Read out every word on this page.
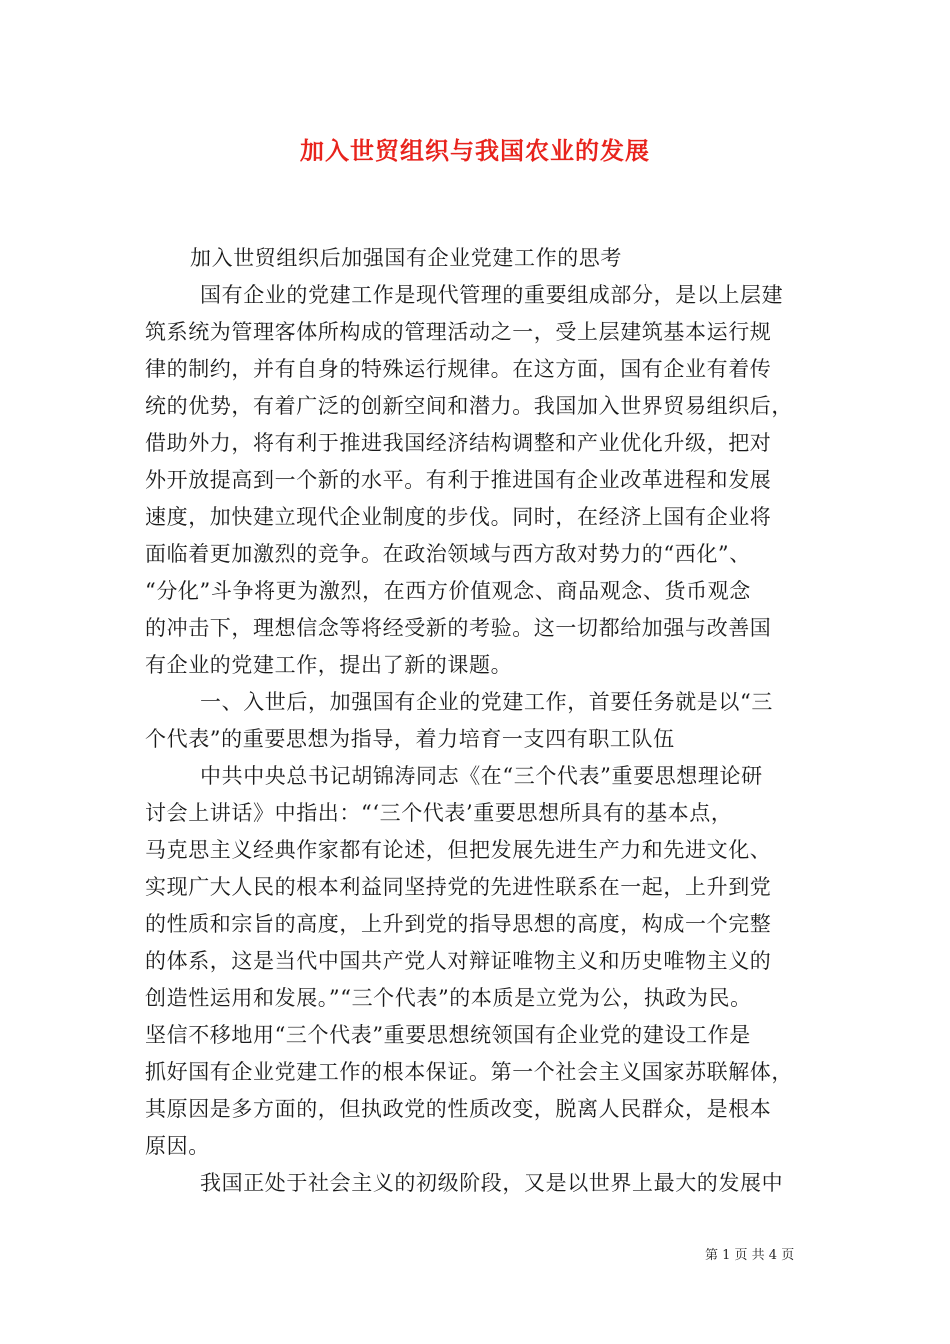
加入世贸组织与我国农业的发展
加入世贸组织后加强国有企业党建工作的思考
国有企业的党建工作是现代管理的重要组成部分，是以上层建
筑系统为管理客体所构成的管理活动之一，受上层建筑基本运行规
律的制约，并有自身的特殊运行规律。在这方面，国有企业有着传
统的优势，有着广泛的创新空间和潜力。我国加入世界贸易组织后，
借助外力，将有利于推进我国经济结构调整和产业优化升级，把对
外开放提高到一个新的水平。有利于推进国有企业改革进程和发展
速度，加快建立现代企业制度的步伐。同时，在经济上国有企业将
面临着更加激烈的竞争。在政治领域与西方敌对势力的“西化”、
“分化”斗争将更为激烈，在西方价值观念、商品观念、货币观念
的冲击下，理想信念等将经受新的考验。这一切都给加强与改善国
有企业的党建工作，提出了新的课题。
一、入世后，加强国有企业的党建工作，首要任务就是以“三
个代表”的重要思想为指导，着力培育一支四有职工队伍
中共中央总书记胡锦涛同志《在“三个代表”重要思想理论研
讨会上讲话》中指出：“‘三个代表’重要思想所具有的基本点，
马克思主义经典作家都有论述，但把发展先进生产力和先进文化、
实现广大人民的根本利益同坚持党的先进性联系在一起，上升到党
的性质和宗旨的高度，上升到党的指导思想的高度，构成一个完整
的体系，这是当代中国共产党人对辩证唯物主义和历史唯物主义的
创造性运用和发展。”“三个代表”的本质是立党为公，执政为民。
坚信不移地用“三个代表”重要思想统领国有企业党的建设工作是
抓好国有企业党建工作的根本保证。第一个社会主义国家苏联解体，
其原因是多方面的，但执政党的性质改变，脱离人民群众，是根本
原因。
我国正处于社会主义的初级阶段，又是以世界上最大的发展中
第 1 页 共 4 页
